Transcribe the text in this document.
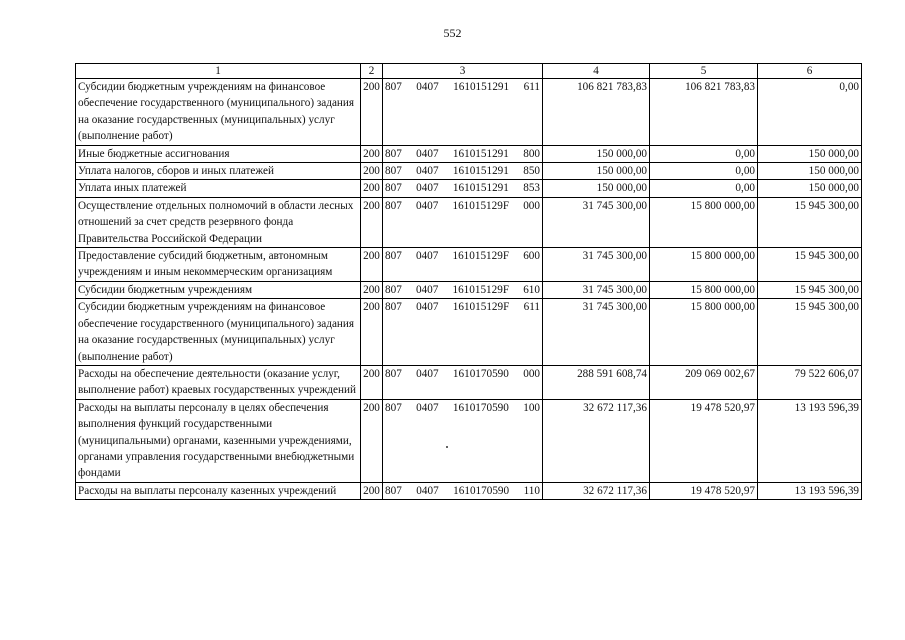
552
1	2	3	4	5	6
Субсидии бюджетным учреждениям на финансовое обеспечение государственного (муниципального) задания на оказание государственных (муниципальных) услуг (выполнение работ)	200	807 0407 1610151291 611	106 821 783,83	106 821 783,83	0,00
Иные бюджетные ассигнования	200	807 0407 1610151291 800	150 000,00	0,00	150 000,00
Уплата налогов, сборов и иных платежей	200	807 0407 1610151291 850	150 000,00	0,00	150 000,00
Уплата иных платежей	200	807 0407 1610151291 853	150 000,00	0,00	150 000,00
Осуществление отдельных полномочий в области лесных отношений за счет средств резервного фонда Правительства Российской Федерации	200	807 0407 161015129F 000	31 745 300,00	15 800 000,00	15 945 300,00
Предоставление субсидий бюджетным, автономным учреждениям и иным некоммерческим организациям	200	807 0407 161015129F 600	31 745 300,00	15 800 000,00	15 945 300,00
Субсидии бюджетным учреждениям	200	807 0407 161015129F 610	31 745 300,00	15 800 000,00	15 945 300,00
Субсидии бюджетным учреждениям на финансовое обеспечение государственного (муниципального) задания на оказание государственных (муниципальных) услуг (выполнение работ)	200	807 0407 161015129F 611	31 745 300,00	15 800 000,00	15 945 300,00
Расходы на обеспечение деятельности (оказание услуг, выполнение работ) краевых государственных учреждений	200	807 0407 1610170590 000	288 591 608,74	209 069 002,67	79 522 606,07
Расходы на выплаты персоналу в целях обеспечения выполнения функций государственными (муниципальными) органами, казенными учреждениями, органами управления государственными внебюджетными фондами	200	807 0407 1610170590 100	32 672 117,36	19 478 520,97	13 193 596,39
Расходы на выплаты персоналу казенных учреждений	200	807 0407 1610170590 110	32 672 117,36	19 478 520,97	13 193 596,39
